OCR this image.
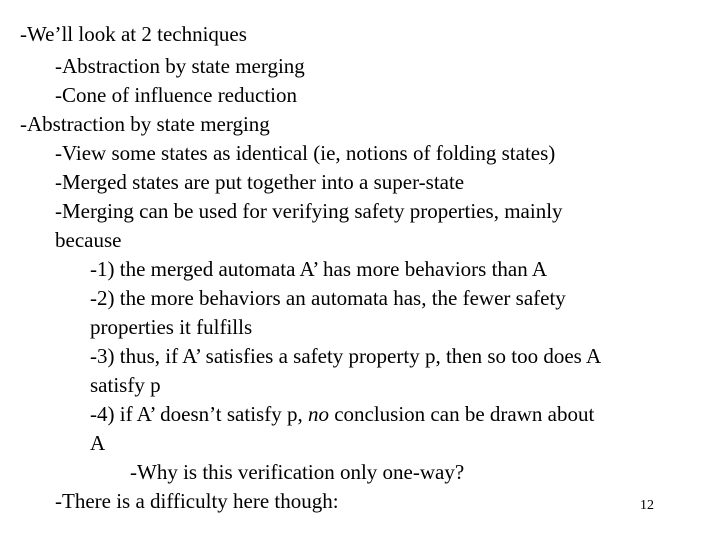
-We’ll look at 2 techniques

-Abstraction by state merging

-Cone of influence reduction

-Abstraction by state merging

-View some states as identical (ie, notions of folding states)

-Merged states are put together into a super-state

-Merging can be used for verifying safety properties, mainly

because

-1) the merged automata A’ has more behaviors than A

-2) the more behaviors an automata has, the fewer safety

properties it fulfills

-3) thus, if A’ satisfies a safety property p, then so too does A

satisfy p

-4) if A’ doesn’t satisfy p, no conclusion can be drawn about

A

-Why is this verification only one-way?

-There is a difficulty here though:	12
